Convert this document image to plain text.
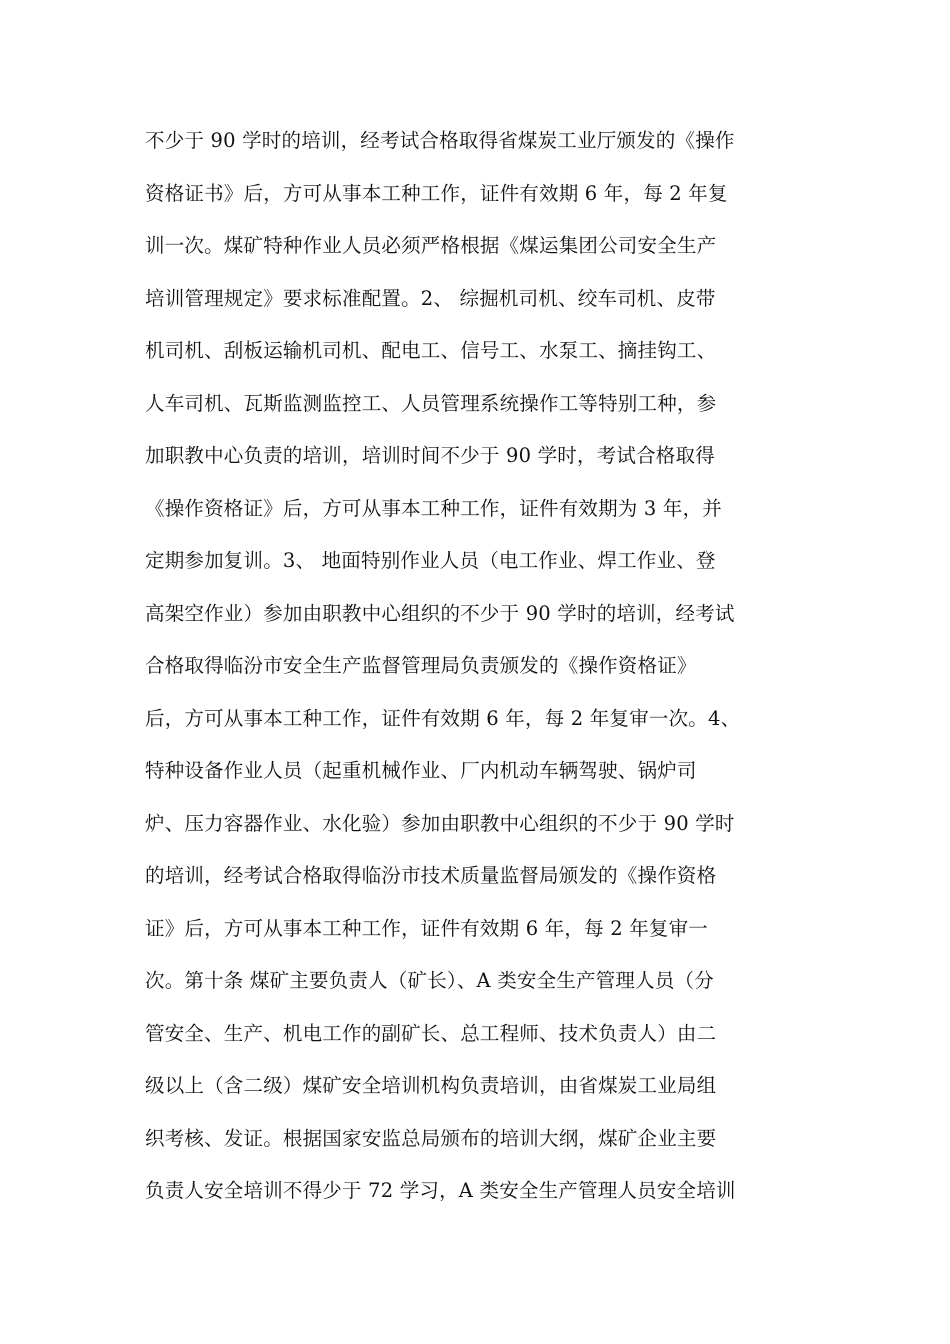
不少于 90 学时的培训，经考试合格取得省煤炭工业厅颁发的《操作
资格证书》后，方可从事本工种工作，证件有效期 6 年，每 2 年复
训一次。煤矿特种作业人员必须严格根据《煤运集团公司安全生产
培训管理规定》要求标准配置。2、 综掘机司机、绞车司机、皮带
机司机、刮板运输机司机、配电工、信号工、水泵工、摘挂钩工、
人车司机、瓦斯监测监控工、人员管理系统操作工等特别工种，参
加职教中心负责的培训，培训时间不少于 90 学时，考试合格取得
《操作资格证》后，方可从事本工种工作，证件有效期为 3 年，并
定期参加复训。3、 地面特别作业人员（电工作业、焊工作业、登
高架空作业）参加由职教中心组织的不少于 90 学时的培训，经考试
合格取得临汾市安全生产监督管理局负责颁发的《操作资格证》
后，方可从事本工种工作，证件有效期 6 年，每 2 年复审一次。4、
特种设备作业人员（起重机械作业、厂内机动车辆驾驶、锅炉司
炉、压力容器作业、水化验）参加由职教中心组织的不少于 90 学时
的培训，经考试合格取得临汾市技术质量监督局颁发的《操作资格
证》后，方可从事本工种工作，证件有效期 6 年，每 2 年复审一
次。第十条 煤矿主要负责人（矿长）、A 类安全生产管理人员（分
管安全、生产、机电工作的副矿长、总工程师、技术负责人）由二
级以上（含二级）煤矿安全培训机构负责培训，由省煤炭工业局组
织考核、发证。根据国家安监总局颁布的培训大纲，煤矿企业主要
负责人安全培训不得少于 72 学习，A 类安全生产管理人员安全培训
